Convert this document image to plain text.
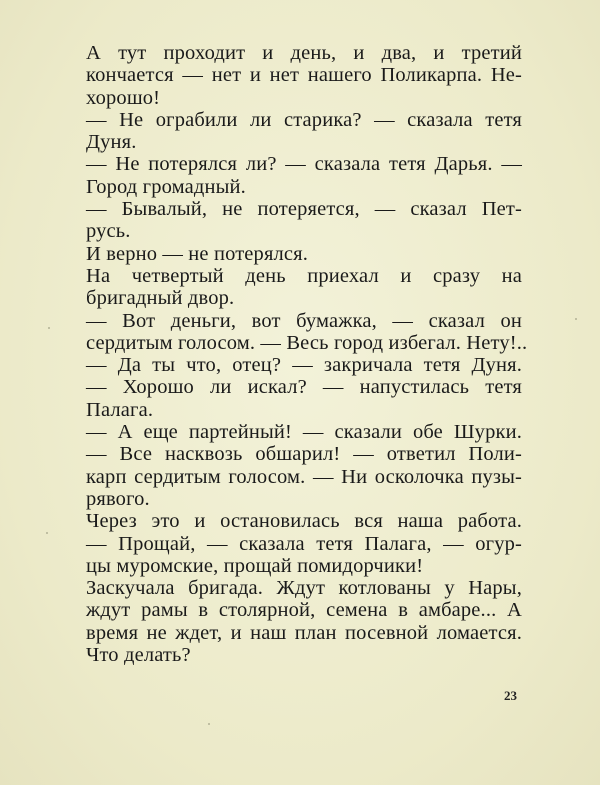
А тут проходит и день, и два, и третий
кончается — нет и нет нашего Поликарпа. Не-
хорошо!
— Не ограбили ли старика? — сказала тетя
Дуня.
— Не потерялся ли? — сказала тетя Дарья. —
Город громадный.
— Бывалый, не потеряется, — сказал Пет-
русь.
И верно — не потерялся.
На четвертый день приехал и сразу на
бригадный двор.
— Вот деньги, вот бумажка, — сказал он
сердитым голосом. — Весь город избегал. Нету!..
— Да ты что, отец? — закричала тетя Дуня.
— Хорошо ли искал? — напустилась тетя
Палага.
— А еще партейный! — сказали обе Шурки.
— Все насквозь обшарил! — ответил Поли-
карп сердитым голосом. — Ни осколочка пузы-
рявого.
Через это и остановилась вся наша работа.
— Прощай, — сказала тетя Палага, — огур-
цы муромские, прощай помидорчики!
Заскучала бригада. Ждут котлованы у Нары,
ждут рамы в столярной, семена в амбаре... А
время не ждет, и наш план посевной ломается.
Что делать?
23
